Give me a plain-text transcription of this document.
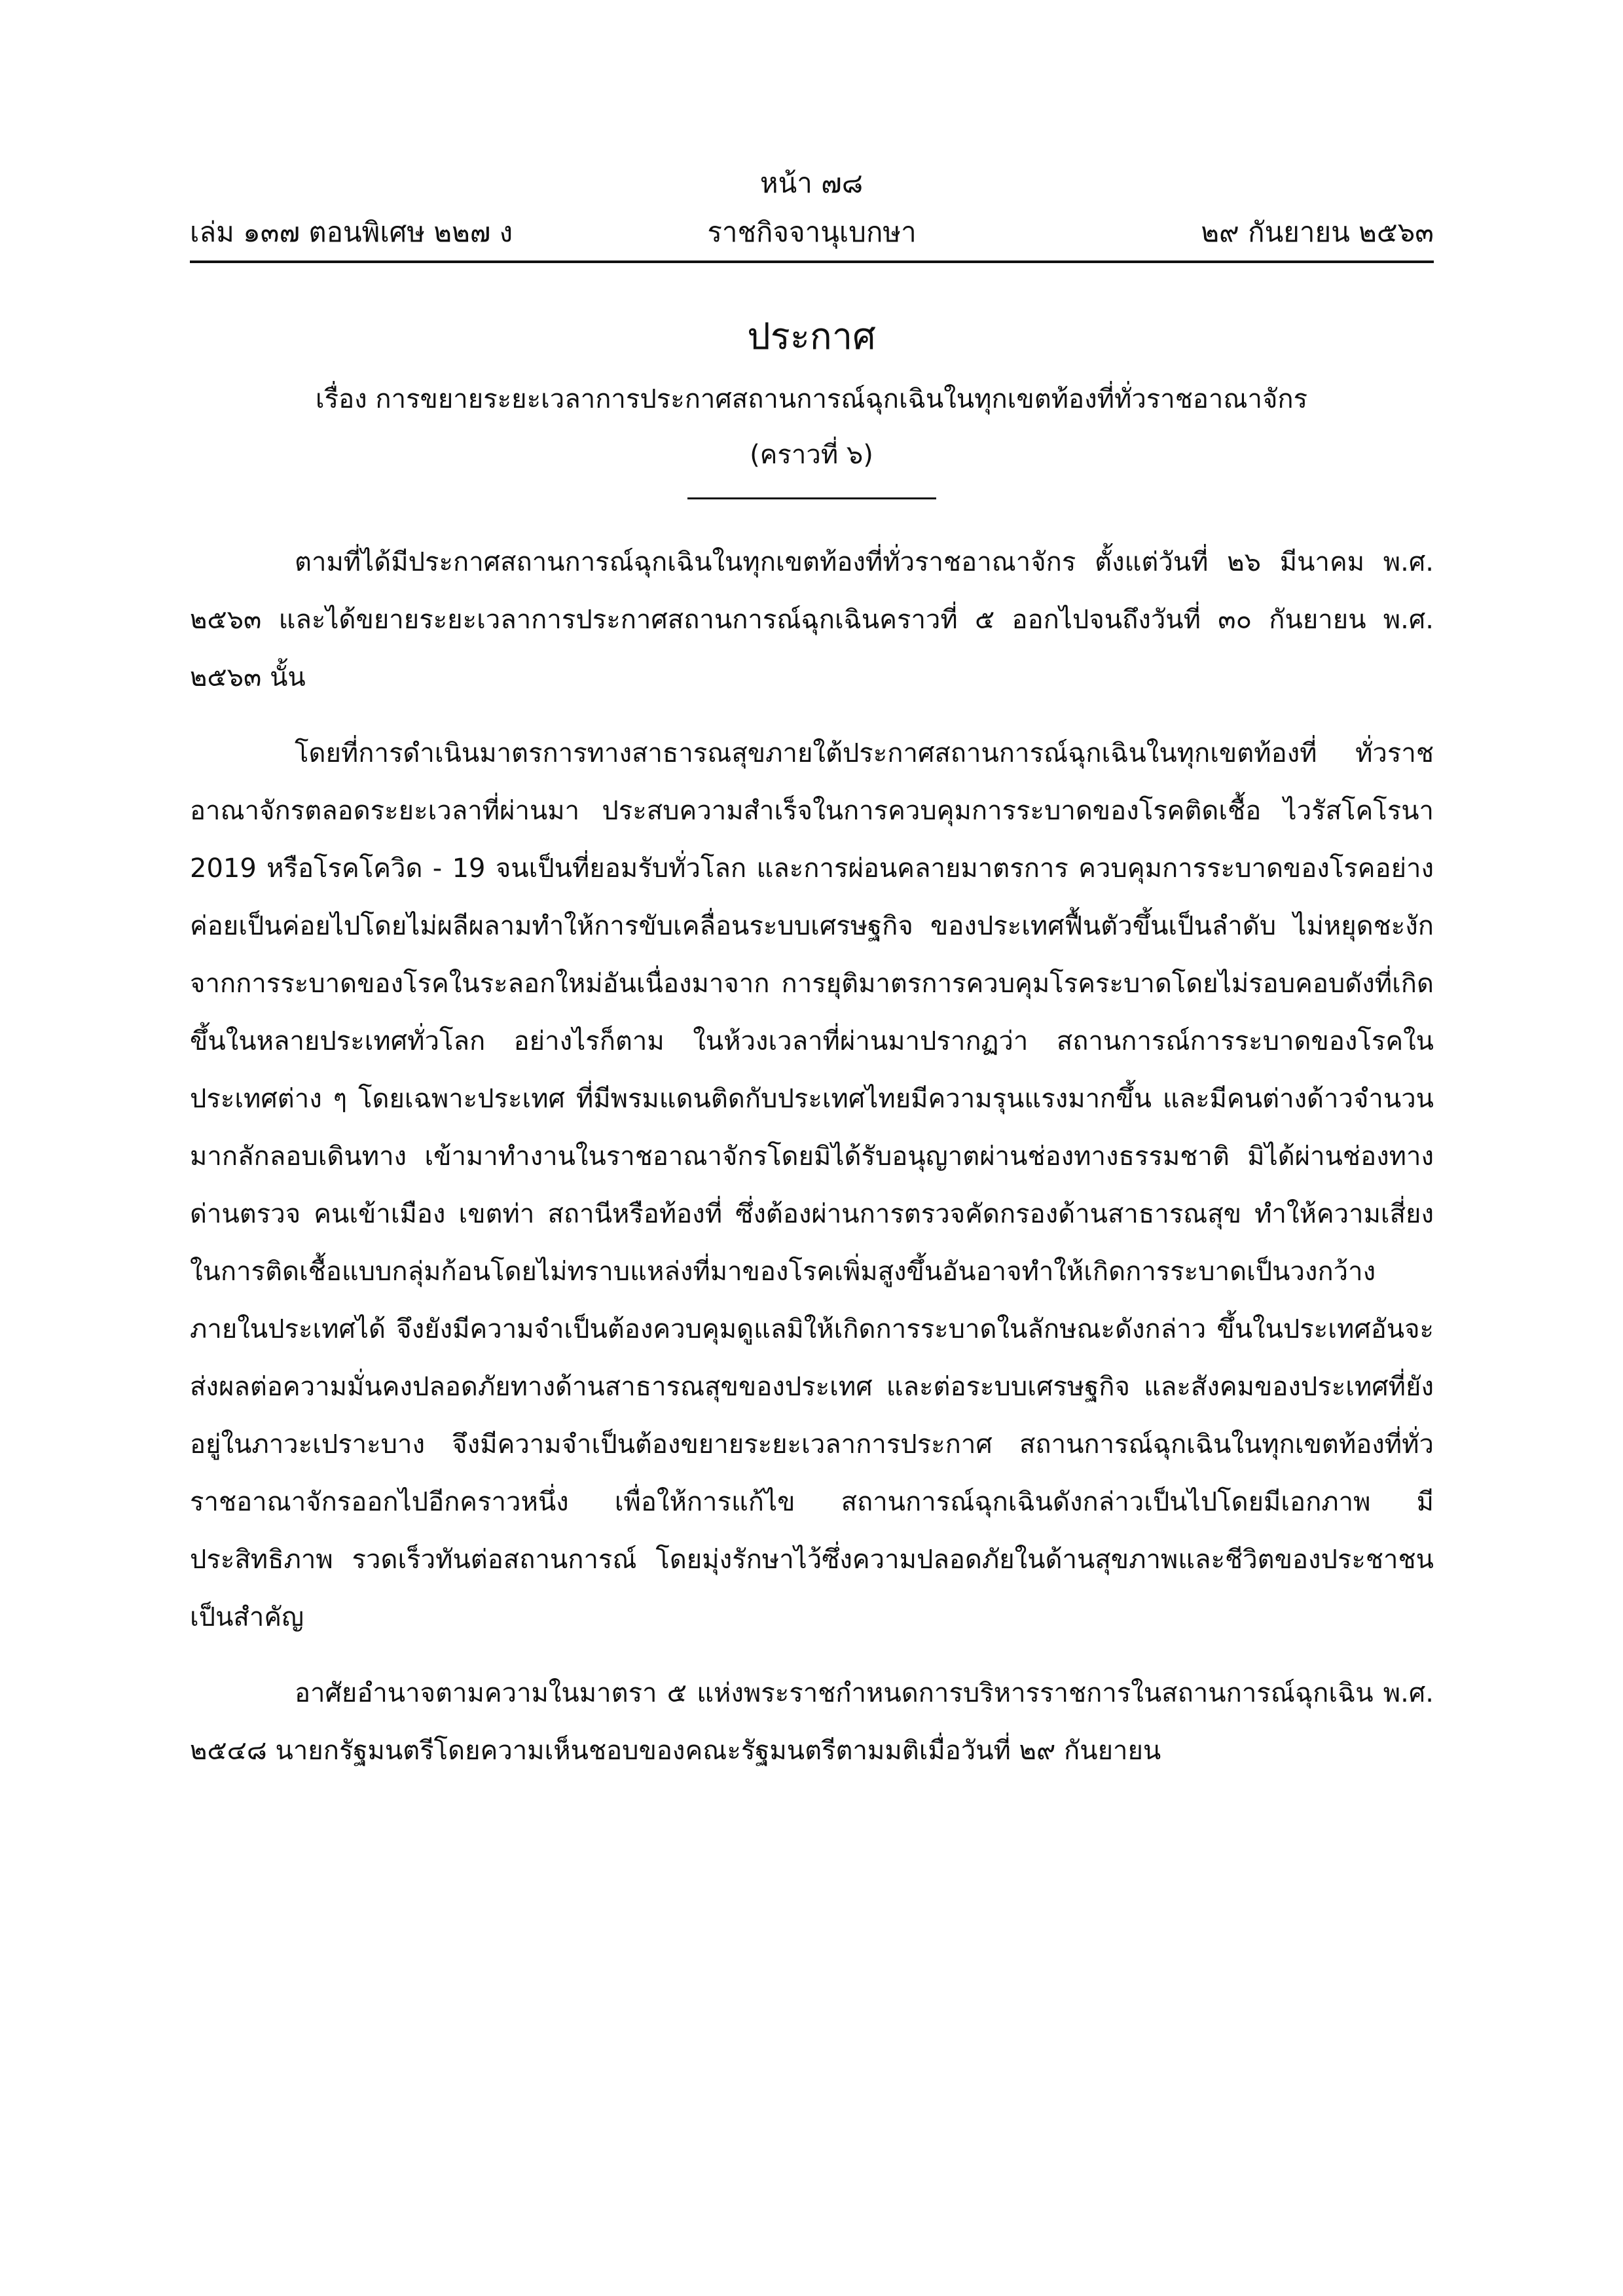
หน้า ๗๘
ราชกิจจานุเบกษา
เล่ม ๑๓๗ ตอนพิเศษ ๒๒๗ ง	๒๙ กันยายน ๒๕๖๓
ประกาศ
เรื่อง การขยายระยะเวลาการประกาศสถานการณ์ฉุกเฉินในทุกเขตท้องที่ทั่วราชอาณาจักร
(คราวที่ ๖)

ตามที่ได้มีประกาศสถานการณ์ฉุกเฉินในทุกเขตท้องที่ทั่วราชอาณาจักร ตั้งแต่วันที่ ๒๖ มีนาคม พ.ศ. ๒๕๖๓ และได้ขยายระยะเวลาการประกาศสถานการณ์ฉุกเฉินคราวที่ ๕ ออกไปจนถึงวันที่ ๓๐ กันยายน พ.ศ. ๒๕๖๓ นั้น

โดยที่การดำเนินมาตรการทางสาธารณสุขภายใต้ประกาศสถานการณ์ฉุกเฉินในทุกเขตท้องที่ ทั่วราชอาณาจักรตลอดระยะเวลาที่ผ่านมา ประสบความสำเร็จในการควบคุมการระบาดของโรคติดเชื้อ ไวรัสโคโรนา 2019 หรือโรคโควิด - 19 จนเป็นที่ยอมรับทั่วโลก และการผ่อนคลายมาตรการ ควบคุมการระบาดของโรคอย่างค่อยเป็นค่อยไปโดยไม่ผลีผลามทำให้การขับเคลื่อนระบบเศรษฐกิจ ของประเทศฟื้นตัวขึ้นเป็นลำดับ ไม่หยุดชะงักจากการระบาดของโรคในระลอกใหม่อันเนื่องมาจาก การยุติมาตรการควบคุมโรคระบาดโดยไม่รอบคอบดังที่เกิดขึ้นในหลายประเทศทั่วโลก อย่างไรก็ตาม ในห้วงเวลาที่ผ่านมาปรากฏว่า สถานการณ์การระบาดของโรคในประเทศต่าง ๆ โดยเฉพาะประเทศ ที่มีพรมแดนติดกับประเทศไทยมีความรุนแรงมากขึ้น และมีคนต่างด้าวจำนวนมากลักลอบเดินทาง เข้ามาทำงานในราชอาณาจักรโดยมิได้รับอนุญาตผ่านช่องทางธรรมชาติ มิได้ผ่านช่องทาง ด่านตรวจ คนเข้าเมือง เขตท่า สถานีหรือท้องที่ ซึ่งต้องผ่านการตรวจคัดกรองด้านสาธารณสุข ทำให้ความเสี่ยง ในการติดเชื้อแบบกลุ่มก้อนโดยไม่ทราบแหล่งที่มาของโรคเพิ่มสูงขึ้นอันอาจทำให้เกิดการระบาดเป็นวงกว้าง ภายในประเทศได้ จึงยังมีความจำเป็นต้องควบคุมดูแลมิให้เกิดการระบาดในลักษณะดังกล่าว ขึ้นในประเทศอันจะส่งผลต่อความมั่นคงปลอดภัยทางด้านสาธารณสุขของประเทศ และต่อระบบเศรษฐกิจ และสังคมของประเทศที่ยังอยู่ในภาวะเปราะบาง จึงมีความจำเป็นต้องขยายระยะเวลาการประกาศ สถานการณ์ฉุกเฉินในทุกเขตท้องที่ทั่วราชอาณาจักรออกไปอีกคราวหนึ่ง เพื่อให้การแก้ไข สถานการณ์ฉุกเฉินดังกล่าวเป็นไปโดยมีเอกภาพ มีประสิทธิภาพ รวดเร็วทันต่อสถานการณ์ โดยมุ่งรักษาไว้ซึ่งความปลอดภัยในด้านสุขภาพและชีวิตของประชาชนเป็นสำคัญ

อาศัยอำนาจตามความในมาตรา ๕ แห่งพระราชกำหนดการบริหารราชการในสถานการณ์ฉุกเฉิน พ.ศ. ๒๕๔๘ นายกรัฐมนตรีโดยความเห็นชอบของคณะรัฐมนตรีตามมติเมื่อวันที่ ๒๙ กันยายน
